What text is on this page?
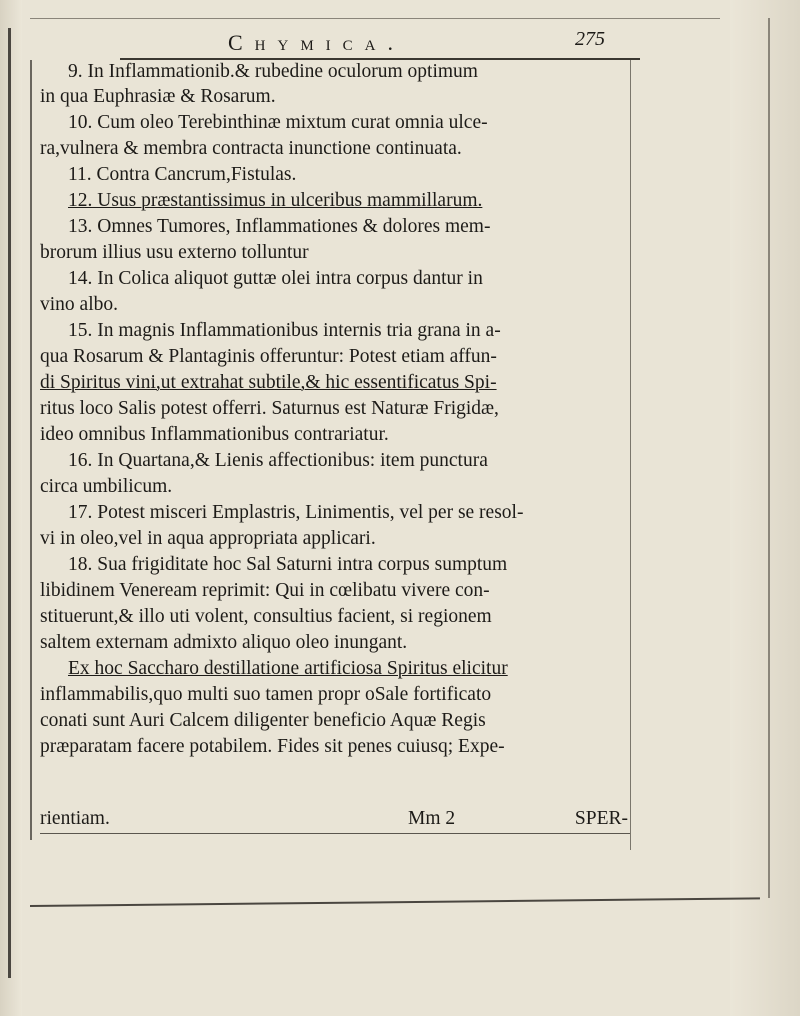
Chymica.	275
9. In Inflammationib.& rubedine oculorum optimum
in qua Euphrasiæ & Rosarum.
10. Cum oleo Terebinthinæ mixtum curat omnia ulce-
ra,vulnera & membra contracta inunctione continuata.
11. Contra Cancrum,Fistulas.
12. Usus præstantissimus in ulceribus mammillarum.
13. Omnes Tumores, Inflammationes & dolores mem-
brorum illius usu externo tolluntur
14. In Colica aliquot guttæ olei intra corpus dantur in
vino albo.
15. In magnis Inflammationibus internis tria grana in a-
qua Rosarum & Plantaginis offeruntur: Potest etiam affun-
di Spiritus vini,ut extrahat subtile,& hic essentificatus Spi-
ritus loco Salis potest offerri. Saturnus est Naturæ Frigidæ,
ideo omnibus Inflammationibus contrariatur.
16. In Quartana,& Lienis affectionibus: item punctura
circa umbilicum.
17. Potest misceri Emplastris, Linimentis, vel per se resol-
vi in oleo,vel in aqua appropriata applicari.
18. Sua frigiditate hoc Sal Saturni intra corpus sumptum
libidinem Veneream reprimit: Qui in cœlibatu vivere con-
stituerunt,& illo uti volent, consultius facient, si regionem
saltem externam admixto aliquo oleo inungant.
Ex hoc Saccharo destillatione artificiosa Spiritus elicitur
inflammabilis,quo multi suo tamen propr oSale fortificato
conati sunt Auri Calcem diligenter beneficio Aquæ Regis
præparatam facere potabilem. Fides sit penes cuiusq; Expe-
rientiam.	Mm 2	SPER-
